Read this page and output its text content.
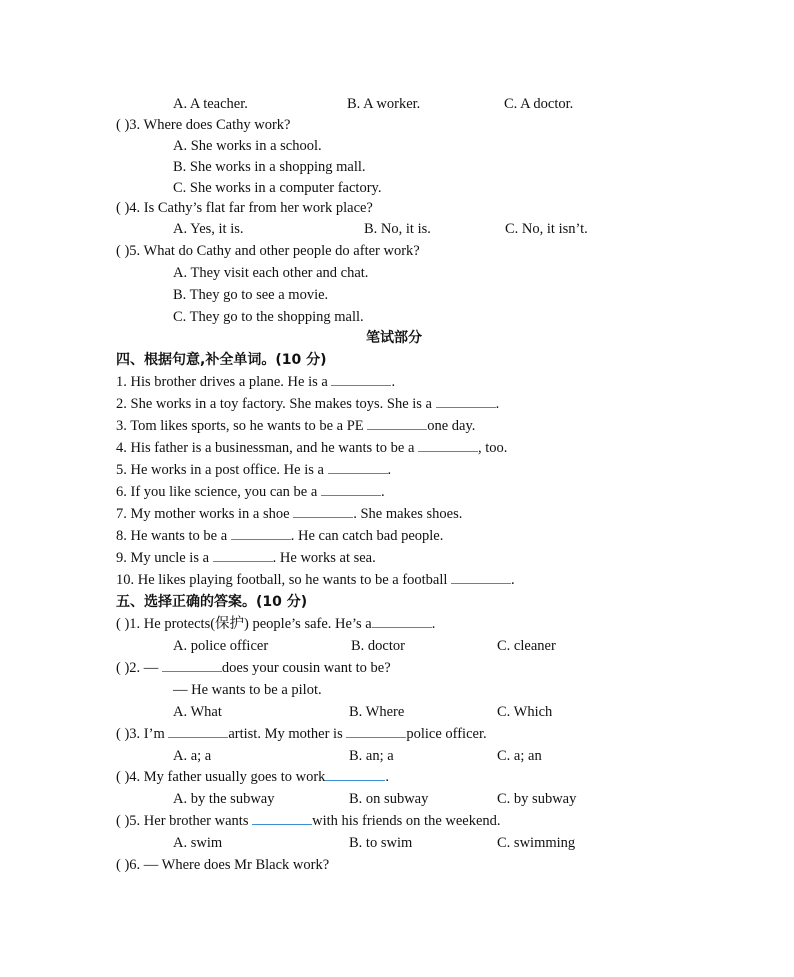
A. A teacher.	B. A worker.	C. A doctor.
( )3. Where does Cathy work?
A. She works in a school.
B. She works in a shopping mall.
C. She works in a computer factory.
( )4. Is Cathy’s flat far from her work place?
A. Yes, it is.	B. No, it is.	C. No, it isn’t.
( )5. What do Cathy and other people do after work?
A. They visit each other and chat.
B. They go to see a movie.
C. They go to the shopping mall.
笔试部分
四、根据句意,补全单词。(10 分)
1. His brother drives a plane. He is a	.
2. She works in a toy factory. She makes toys. She is a	.
3. Tom likes sports, so he wants to be a PE	one day.
4. His father is a businessman, and he wants to be a	, too.
5. He works in a post office. He is a	.
6. If you like science, you can be a	.
7. My mother works in a shoe	. She makes shoes.
8. He wants to be a	. He can catch bad people.
9. My uncle is a	. He works at sea.
10. He likes playing football, so he wants to be a football	.
五、选择正确的答案。(10 分)
( )1. He protects(保护) people’s safe. He’s a	.
A. police officer	B. doctor	C. cleaner
( )2. —	does your cousin want to be?
— He wants to be a pilot.
A. What	B. Where	C. Which
( )3. I’m	artist. My mother is	police officer.
A. a; a	B. an; a	C. a; an
( )4. My father usually goes to work	.
A. by the subway	B. on subway	C. by subway
( )5. Her brother wants	with his friends on the weekend.
A. swim	B. to swim	C. swimming
( )6. — Where does Mr Black work?
